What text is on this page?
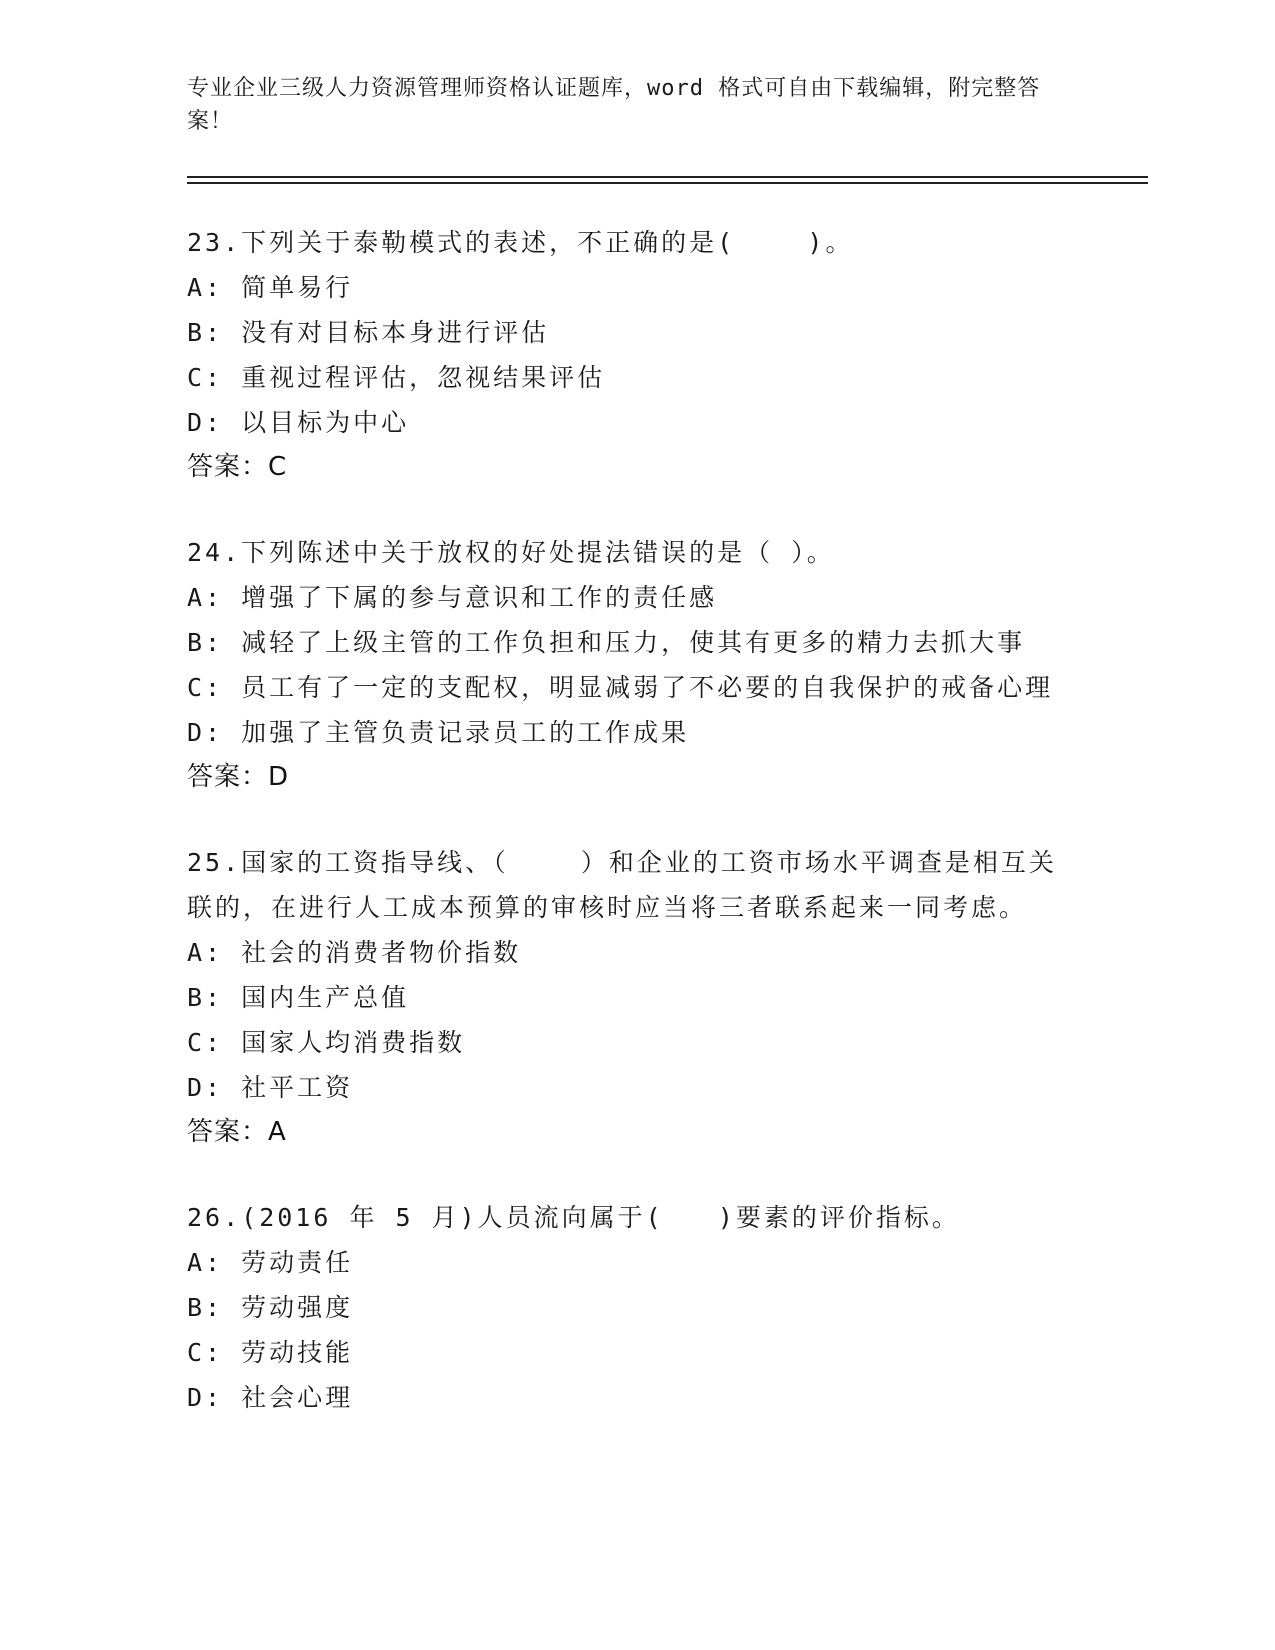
专业企业三级人力资源管理师资格认证题库，word 格式可自由下载编辑，附完整答案！
23.下列关于泰勒模式的表述，不正确的是(    )。
A: 简单易行
B: 没有对目标本身进行评估
C: 重视过程评估，忽视结果评估
D: 以目标为中心
答案：C
24.下列陈述中关于放权的好处提法错误的是（ ）。
A: 增强了下属的参与意识和工作的责任感
B: 减轻了上级主管的工作负担和压力，使其有更多的精力去抓大事
C: 员工有了一定的支配权，明显减弱了不必要的自我保护的戒备心理
D: 加强了主管负责记录员工的工作成果
答案：D
25.国家的工资指导线、（    ）和企业的工资市场水平调查是相互关联的，在进行人工成本预算的审核时应当将三者联系起来一同考虑。
A: 社会的消费者物价指数
B: 国内生产总值
C: 国家人均消费指数
D: 社平工资
答案：A
26.(2016 年 5 月)人员流向属于(   )要素的评价指标。
A: 劳动责任
B: 劳动强度
C: 劳动技能
D: 社会心理
